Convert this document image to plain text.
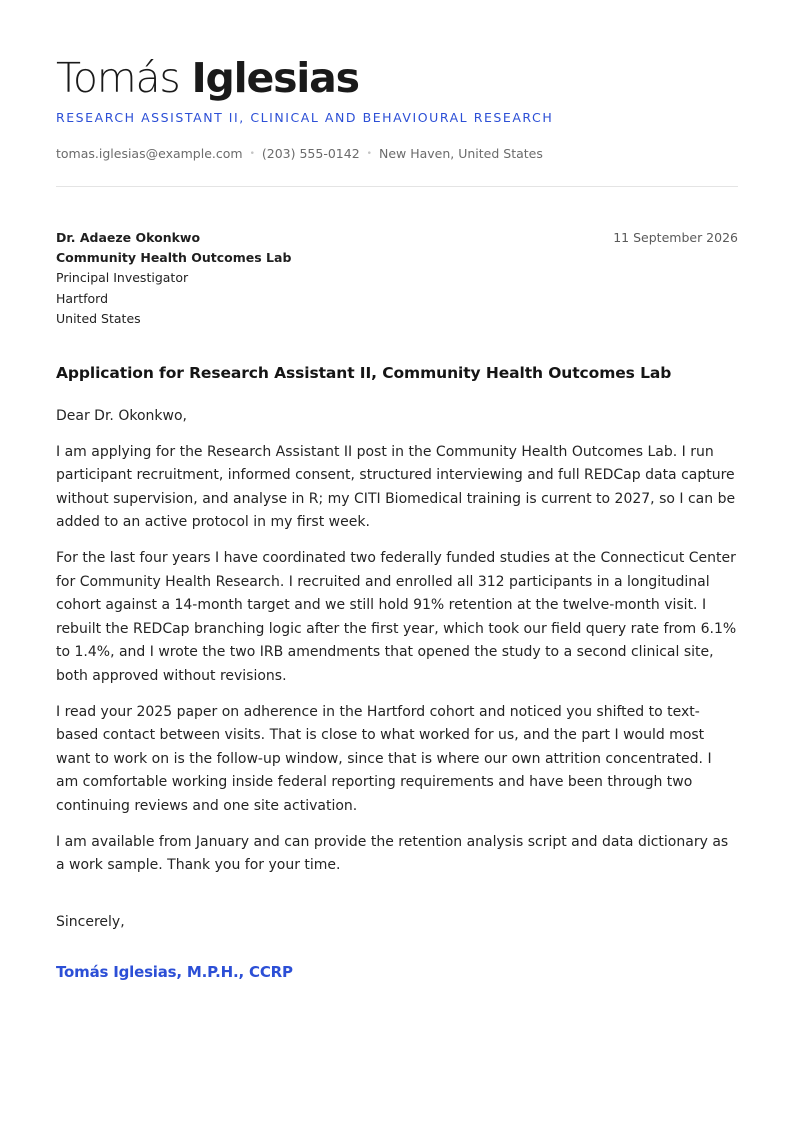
Tomás Iglesias
RESEARCH ASSISTANT II, CLINICAL AND BEHAVIOURAL RESEARCH
tomas.iglesias@example.com • (203) 555-0142 • New Haven, United States
Dr. Adaeze Okonkwo
Community Health Outcomes Lab
Principal Investigator
Hartford
United States
11 September 2026
Application for Research Assistant II, Community Health Outcomes Lab

Dear Dr. Okonkwo,

I am applying for the Research Assistant II post in the Community Health Outcomes Lab. I run participant recruitment, informed consent, structured interviewing and full REDCap data capture without supervision, and analyse in R; my CITI Biomedical training is current to 2027, so I can be added to an active protocol in my first week.

For the last four years I have coordinated two federally funded studies at the Connecticut Center for Community Health Research. I recruited and enrolled all 312 participants in a longitudinal cohort against a 14-month target and we still hold 91% retention at the twelve-month visit. I rebuilt the REDCap branching logic after the first year, which took our field query rate from 6.1% to 1.4%, and I wrote the two IRB amendments that opened the study to a second clinical site, both approved without revisions.

I read your 2025 paper on adherence in the Hartford cohort and noticed you shifted to text-based contact between visits. That is close to what worked for us, and the part I would most want to work on is the follow-up window, since that is where our own attrition concentrated. I am comfortable working inside federal reporting requirements and have been through two continuing reviews and one site activation.

I am available from January and can provide the retention analysis script and data dictionary as a work sample. Thank you for your time.

Sincerely,
Tomás Iglesias, M.P.H., CCRP
